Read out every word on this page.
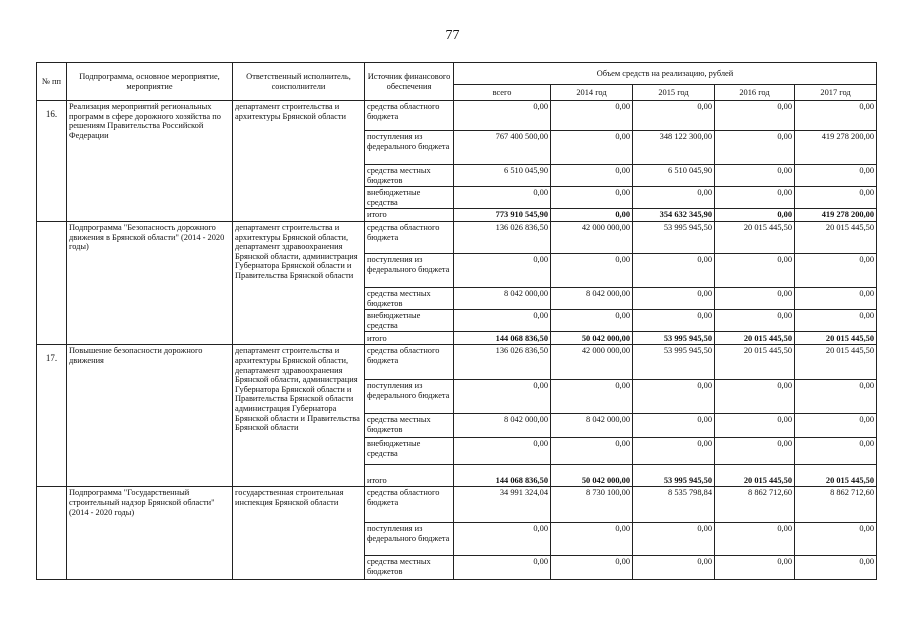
77
№ пп	Подпрограмма, основное мероприятие, мероприятие	Ответственный исполнитель, соисполнители	Источник финансового обеспечения	Объем средств на реализацию, рублей				
				всего	2014 год	2015 год	2016 год	2017 год
16.	Реализация мероприятий региональных программ в сфере дорожного хозяйства по решениям Правительства Российской Федерации	департамент строительства и архитектуры Брянской области	средства областного бюджета	0,00	0,00	0,00	0,00	0,00
			поступления из федерального бюджета	767 400 500,00	0,00	348 122 300,00	0,00	419 278 200,00
			средства местных бюджетов	6 510 045,90	0,00	6 510 045,90	0,00	0,00
			внебюджетные средства	0,00	0,00	0,00	0,00	0,00
			итого	773 910 545,90	0,00	354 632 345,90	0,00	419 278 200,00
	Подпрограмма "Безопасность дорожного движения в Брянской области" (2014 - 2020 годы)	департамент строительства и архитектуры Брянской области, департамент здравоохранения Брянской области, администрация Губернатора Брянской области и Правительства Брянской области	средства областного бюджета	136 026 836,50	42 000 000,00	53 995 945,50	20 015 445,50	20 015 445,50
			поступления из федерального бюджета	0,00	0,00	0,00	0,00	0,00
			средства местных бюджетов	8 042 000,00	8 042 000,00	0,00	0,00	0,00
			внебюджетные средства	0,00	0,00	0,00	0,00	0,00
			итого	144 068 836,50	50 042 000,00	53 995 945,50	20 015 445,50	20 015 445,50
17.	Повышение безопасности дорожного движения	департамент строительства и архитектуры Брянской области, департамент здравоохранения Брянской области, администрация Губернатора Брянской области и Правительства Брянской области администрация Губернатора Брянской области и Правительства Брянской области	средства областного бюджета	136 026 836,50	42 000 000,00	53 995 945,50	20 015 445,50	20 015 445,50
			поступления из федерального бюджета	0,00	0,00	0,00	0,00	0,00
			средства местных бюджетов	8 042 000,00	8 042 000,00	0,00	0,00	0,00
			внебюджетные средства	0,00	0,00	0,00	0,00	0,00
			итого	144 068 836,50	50 042 000,00	53 995 945,50	20 015 445,50	20 015 445,50
	Подпрограмма "Государственный строительный надзор Брянской области" (2014 - 2020 годы)	государственная строительная инспекция Брянской области	средства областного бюджета	34 991 324,04	8 730 100,00	8 535 798,84	8 862 712,60	8 862 712,60
			поступления из федерального бюджета	0,00	0,00	0,00	0,00	0,00
			средства местных бюджетов	0,00	0,00	0,00	0,00	0,00
